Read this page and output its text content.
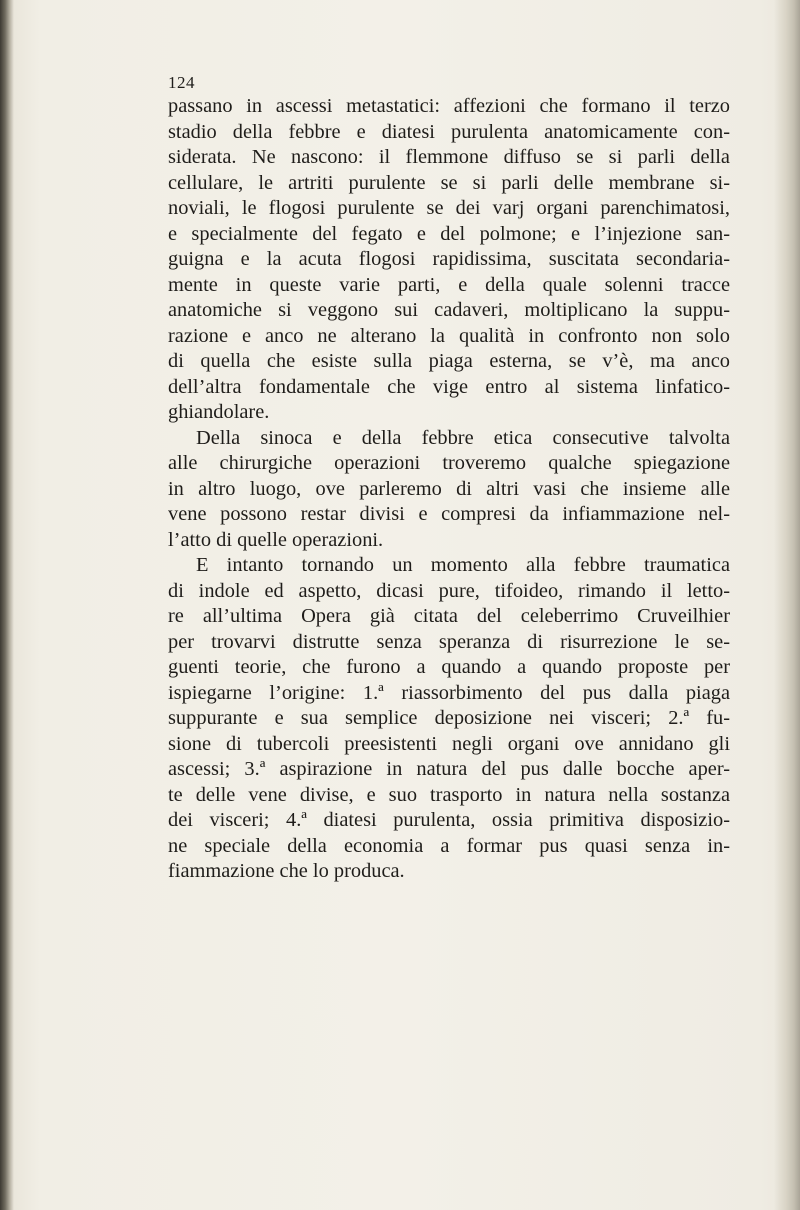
124

passano in ascessi metastatici: affezioni che formano il terzo
stadio della febbre e diatesi purulenta anatomicamente con-
siderata. Ne nascono: il flemmone diffuso se si parli della
cellulare, le artriti purulente se si parli delle membrane si-
noviali, le flogosi purulente se dei varj organi parenchimatosi,
e specialmente del fegato e del polmone; e l’injezione san-
guigna e la acuta flogosi rapidissima, suscitata secondaria-
mente in queste varie parti, e della quale solenni tracce
anatomiche si veggono sui cadaveri, moltiplicano la suppu-
razione e anco ne alterano la qualità in confronto non solo
di quella che esiste sulla piaga esterna, se v’è, ma anco
dell’altra fondamentale che vige entro al sistema linfatico-
ghiandolare.
Della sinoca e della febbre etica consecutive talvolta
alle chirurgiche operazioni troveremo qualche spiegazione
in altro luogo, ove parleremo di altri vasi che insieme alle
vene possono restar divisi e compresi da infiammazione nel-
l’atto di quelle operazioni.
E intanto tornando un momento alla febbre traumatica
di indole ed aspetto, dicasi pure, tifoideo, rimando il letto-
re all’ultima Opera già citata del celeberrimo Cruveilhier
per trovarvi distrutte senza speranza di risurrezione le se-
guenti teorie, che furono a quando a quando proposte per
ispiegarne l’origine: 1.ª riassorbimento del pus dalla piaga
suppurante e sua semplice deposizione nei visceri; 2.ª fu-
sione di tubercoli preesistenti negli organi ove annidano gli
ascessi; 3.ª aspirazione in natura del pus dalle bocche aper-
te delle vene divise, e suo trasporto in natura nella sostanza
dei visceri; 4.ª diatesi purulenta, ossia primitiva disposizio-
ne speciale della economia a formar pus quasi senza in-
fiammazione che lo produca.
